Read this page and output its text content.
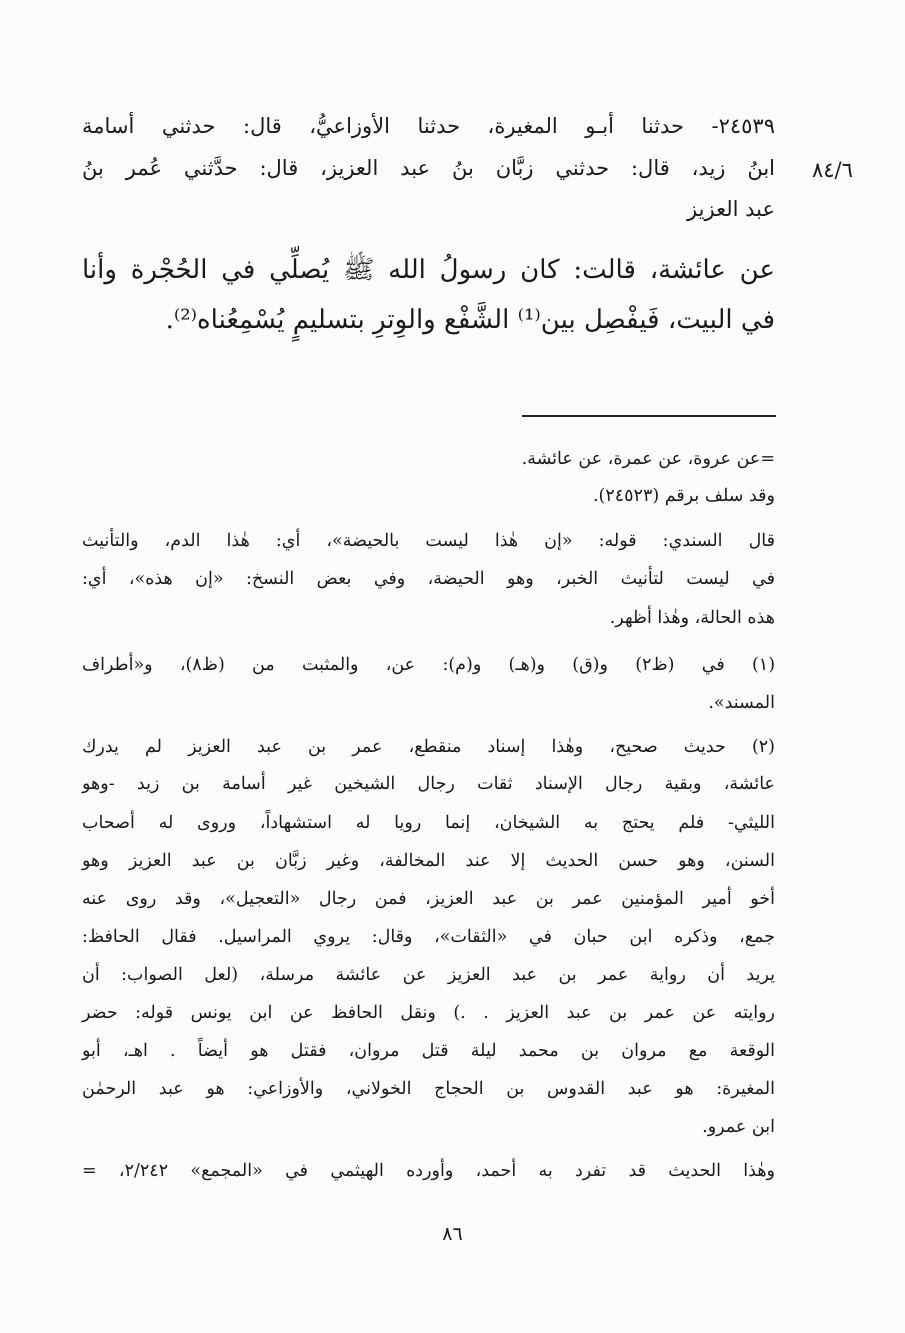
٨٤/٦

٢٤٥٣٩- حدثنا أبـو المغيرة، حدثنا الأوزاعيُّ، قال: حدثني أسامة

ابنُ زيد، قال: حدثني زبَّان بنُ عبد العزيز، قال: حدَّثني عُمر بنُ

عبد العزيز

عن عائشة، قالت: كان رسولُ الله ﷺ يُصلِّي في الحُجْرة وأنا

في البيت، فَيفْصِل بين⁽¹⁾ الشَّفْع والوِترِ بتسليمٍ يُسْمِعُناه⁽²⁾.

=عن عروة، عن عمرة، عن عائشة.

وقد سلف برقم (٢٤٥٢٣).

قال السندي: قوله: «إن هٰذا ليست بالحيضة»، أي: هٰذا الدم، والتأنيث

في ليست لتأنيث الخبر، وهو الحيضة، وفي بعض النسخ: «إن هذه»، أي:

هذه الحالة، وهٰذا أظهر.

(١) في (ظ٢) و(ق) و(هـ) و(م): عن، والمثبت من (ظ٨)، و«أطراف

المسند».

(٢) حديث صحيح، وهٰذا إسناد منقطع، عمر بن عبد العزيز لم يدرك

عائشة، وبقية رجال الإسناد ثقات رجال الشيخين غير أسامة بن زيد -وهو

الليثي- فلم يحتج به الشيخان، إنما رويا له استشهاداً، وروى له أصحاب

السنن، وهو حسن الحديث إلا عند المخالفة، وغير زبَّان بن عبد العزيز وهو

أخو أمير المؤمنين عمر بن عبد العزيز، فمن رجال «التعجيل»، وقد روى عنه

جمع، وذكره ابن حبان في «الثقات»، وقال: يروي المراسيل. فقال الحافظ:

يريد أن رواية عمر بن عبد العزيز عن عائشة مرسلة، (لعل الصواب: أن

روايته عن عمر بن عبد العزيز . .) ونقل الحافظ عن ابن يونس قوله: حضر

الوقعة مع مروان بن محمد ليلة قتل مروان، فقتل هو أيضاً . اهـ، أبو

المغيرة: هو عبد القدوس بن الحجاج الخولاني، والأوزاعي: هو عبد الرحمٰن

ابن عمرو.

وهٰذا الحديث قد تفرد به أحمد، وأورده الهيثمي في «المجمع» ٢/٢٤٢، =

٨٦
